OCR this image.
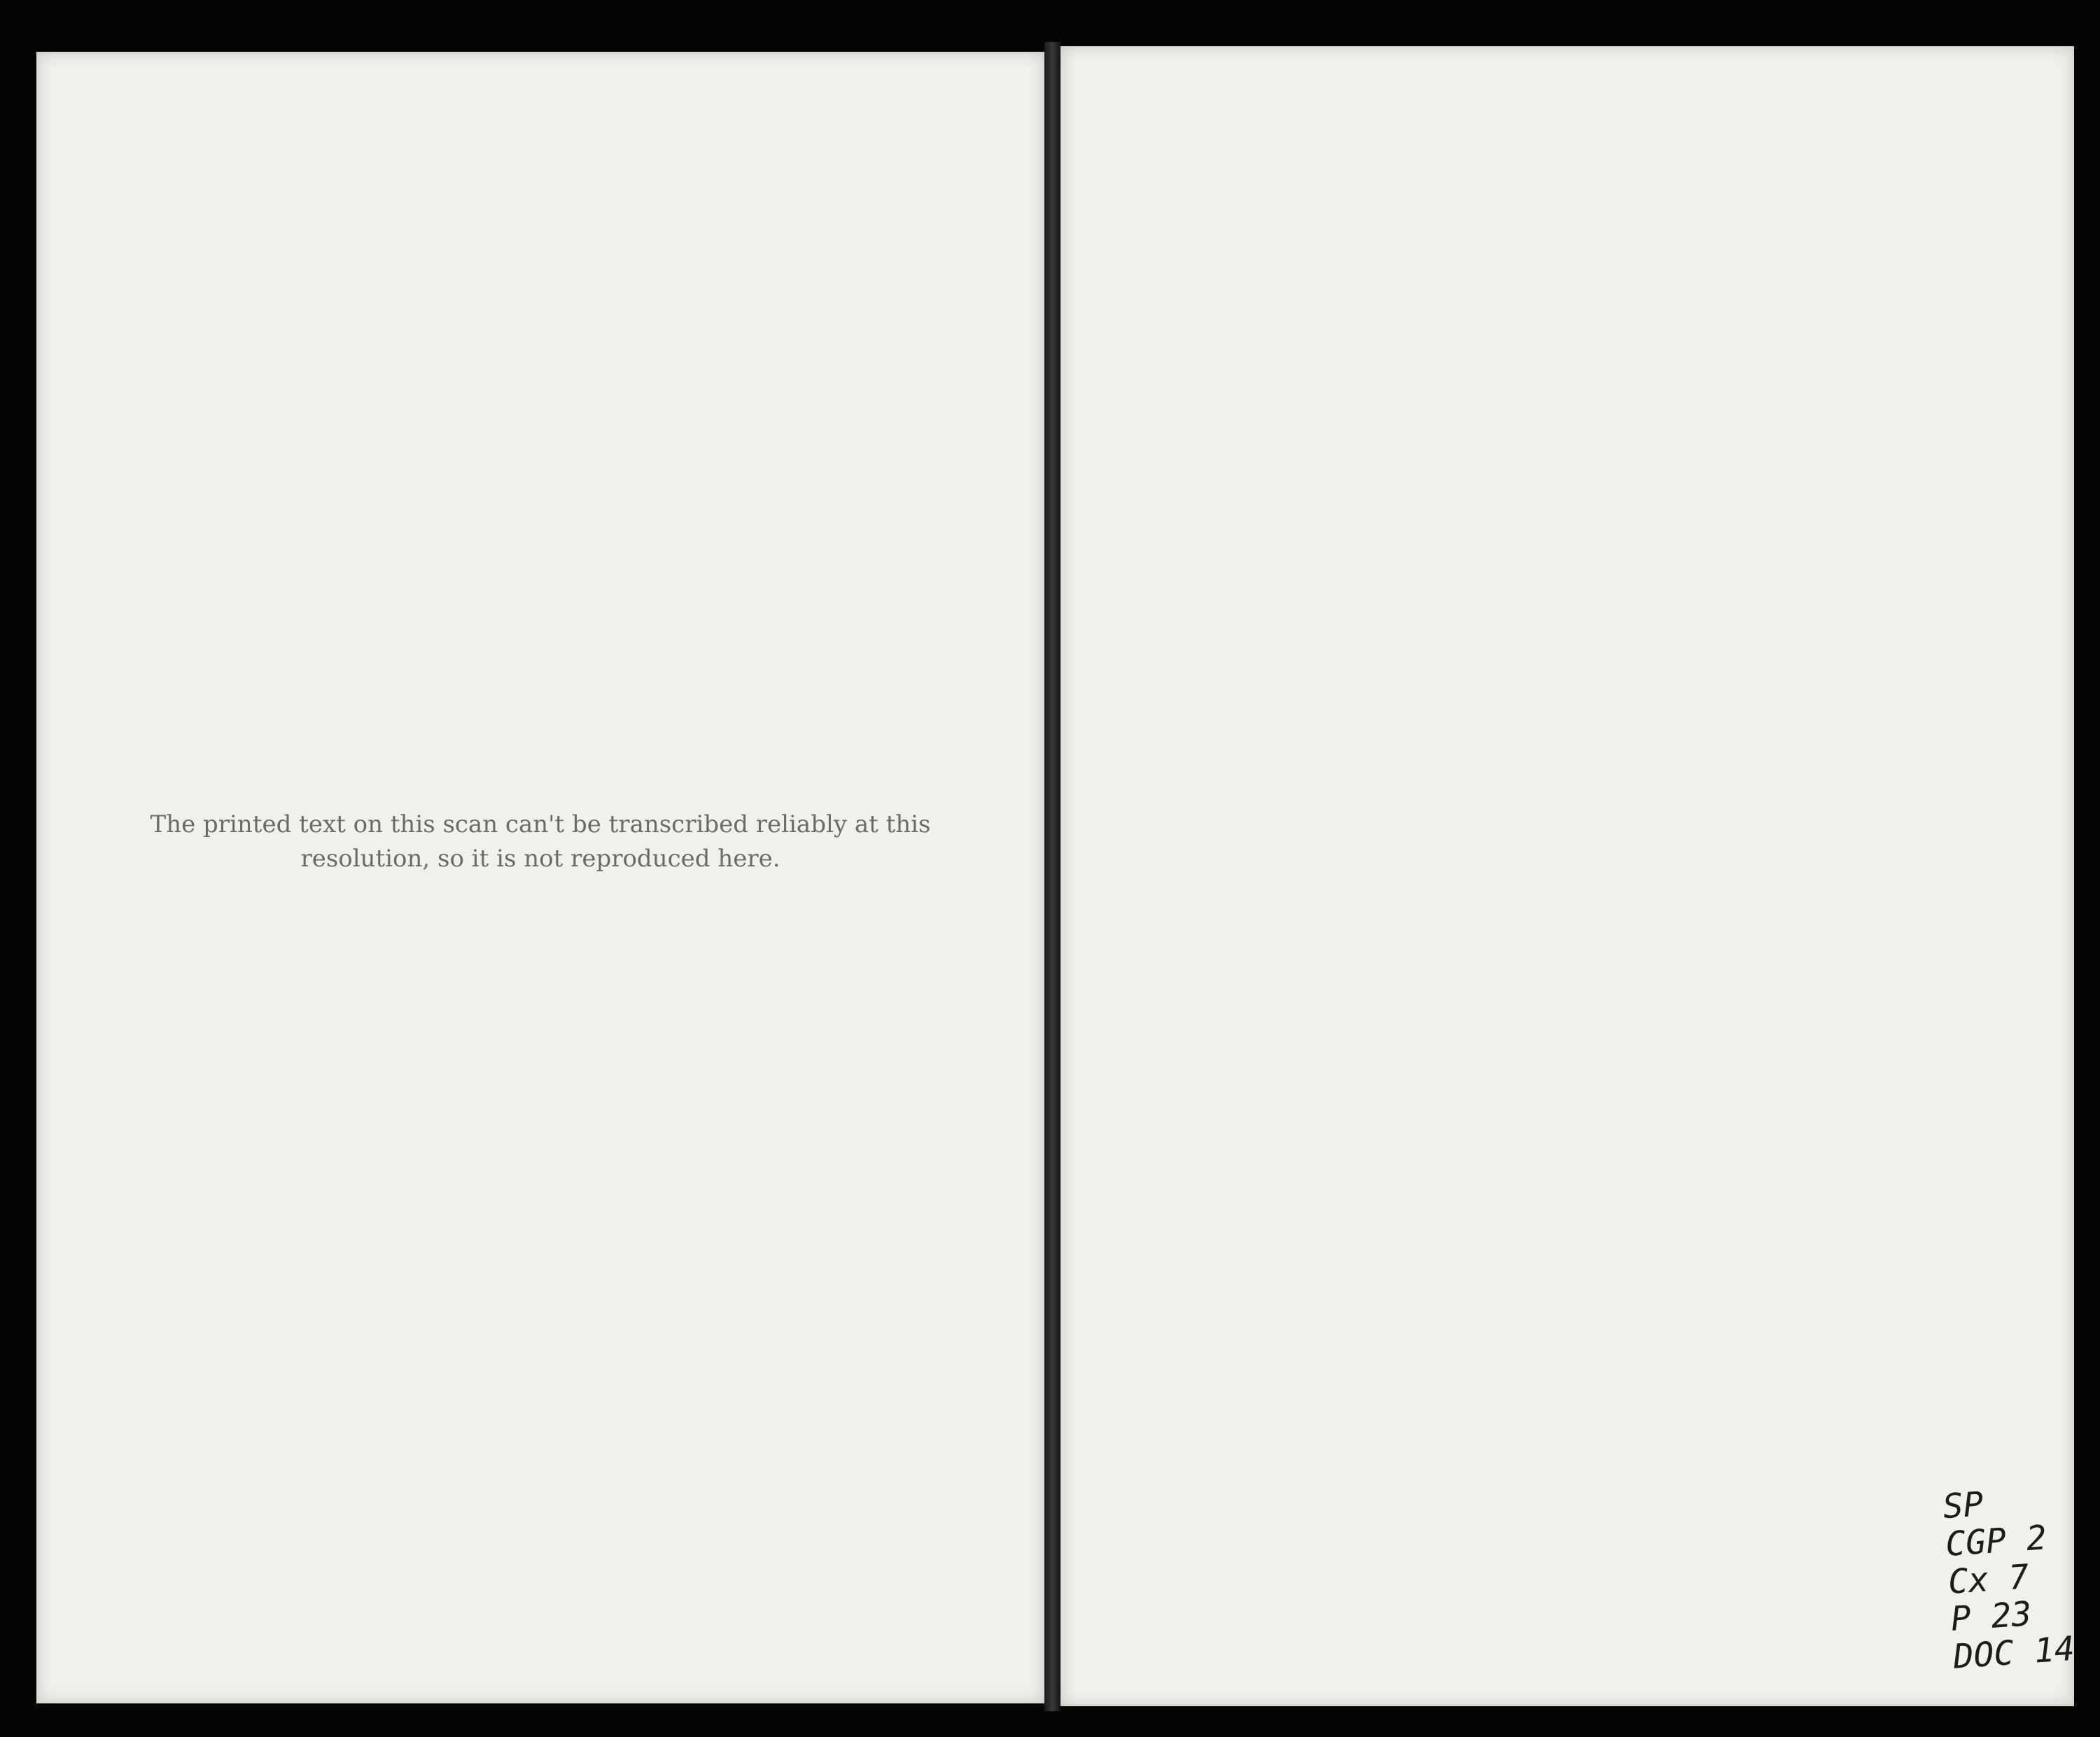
The printed text on this scan can't be transcribed reliably at this resolution, so it is not reproduced here.
SP
CGP 2
Cx 7
P 23
DOC 14
